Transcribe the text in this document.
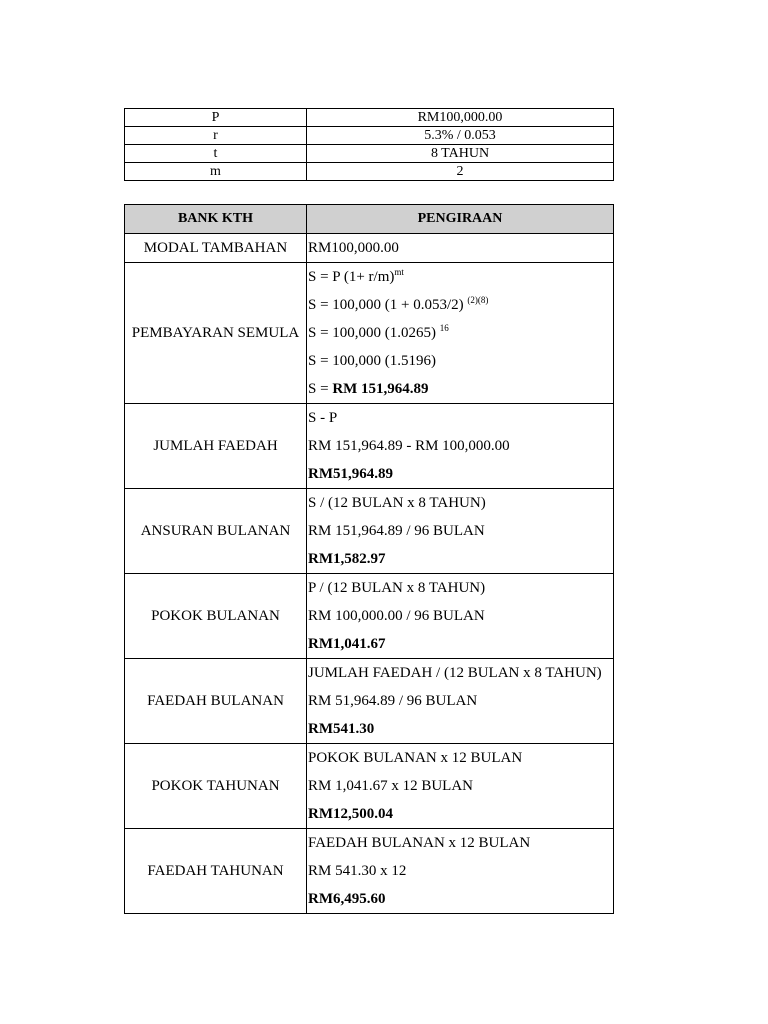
P	RM100,000.00
r	5.3% / 0.053
t	8 TAHUN
m	2
BANK KTH	PENGIRAAN
MODAL TAMBAHAN	RM100,000.00

PEMBAYARAN SEMULA	S = P $(1+ r/m)^{mt}$
S = 100,000 (1 + 0.053/2) $^{(2)(8)}$
S = 100,000 (1.0265) $^{16}$
S = 100,000 (1.5196)
S = RM 151,964.89

JUMLAH FAEDAH	S - P
RM 151,964.89 - RM 100,000.00
RM51,964.89

ANSURAN BULANAN	S / (12 BULAN x 8 TAHUN)
RM 151,964.89 / 96 BULAN
RM1,582.97

POKOK BULANAN	P / (12 BULAN x 8 TAHUN)
RM 100,000.00 / 96 BULAN
RM1,041.67

FAEDAH BULANAN	JUMLAH FAEDAH / (12 BULAN x 8 TAHUN)
RM 51,964.89 / 96 BULAN
RM541.30

POKOK TAHUNAN	POKOK BULANAN x 12 BULAN
RM 1,041.67 x 12 BULAN
RM12,500.04

FAEDAH TAHUNAN	FAEDAH BULANAN x 12 BULAN
RM 541.30 x 12
RM6,495.60
